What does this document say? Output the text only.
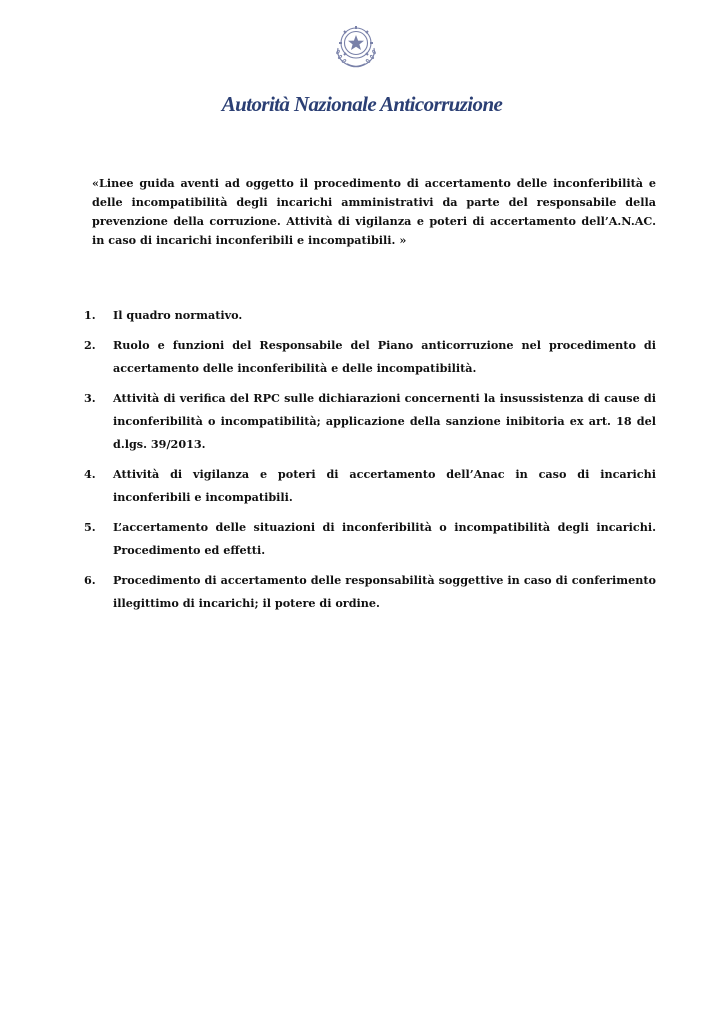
Autorità Nazionale Anticorruzione

«Linee guida aventi ad oggetto il procedimento di accertamento delle inconferibilità e delle incompatibilità degli incarichi amministrativi da parte del responsabile della prevenzione della corruzione. Attività di vigilanza e poteri di accertamento dell’A.N.AC. in caso di incarichi inconferibili e incompatibili. »

1.	Il quadro normativo.
2.	Ruolo e funzioni del Responsabile del Piano anticorruzione nel procedimento di accertamento delle inconferibilità e delle incompatibilità.
3.	Attività di verifica del RPC sulle dichiarazioni concernenti la insussistenza di cause di inconferibilità o incompatibilità; applicazione della sanzione inibitoria ex art. 18 del d.lgs. 39/2013.
4.	Attività di vigilanza e poteri di accertamento dell’Anac in caso di incarichi inconferibili e incompatibili.
5.	L’accertamento delle situazioni di inconferibilità o incompatibilità degli incarichi. Procedimento ed effetti.
6.	Procedimento di accertamento delle responsabilità soggettive in caso di conferimento illegittimo di incarichi; il potere di ordine.
